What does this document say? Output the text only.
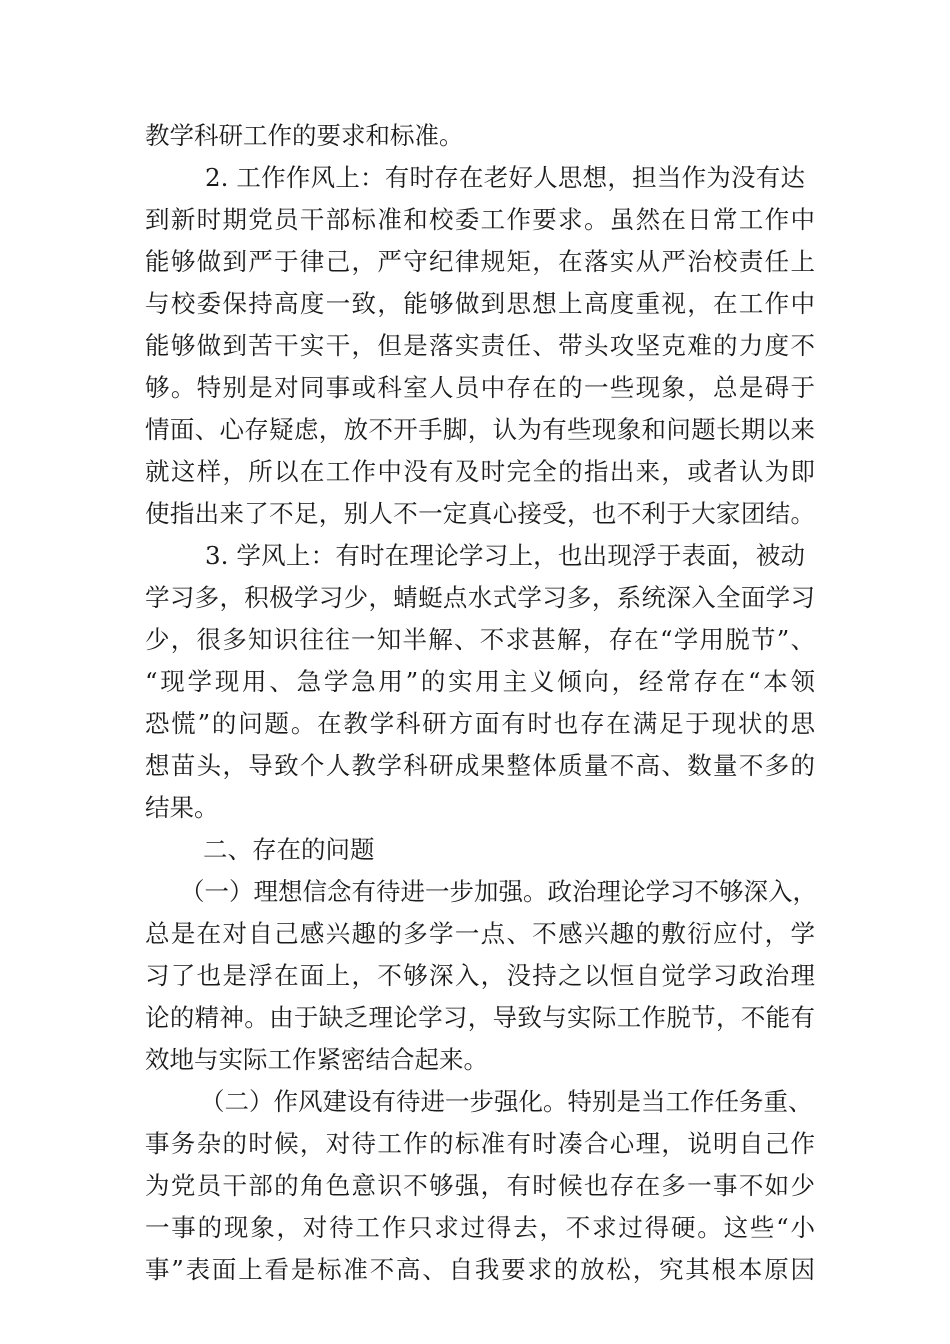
教学科研工作的要求和标准。
2. 工作作风上：有时存在老好人思想，担当作为没有达
到新时期党员干部标准和校委工作要求。虽然在日常工作中
能够做到严于律己，严守纪律规矩，在落实从严治校责任上
与校委保持高度一致，能够做到思想上高度重视，在工作中
能够做到苦干实干，但是落实责任、带头攻坚克难的力度不
够。特别是对同事或科室人员中存在的一些现象，总是碍于
情面、心存疑虑，放不开手脚，认为有些现象和问题长期以来
就这样，所以在工作中没有及时完全的指出来，或者认为即
使指出来了不足，别人不一定真心接受，也不利于大家团结。
3. 学风上：有时在理论学习上，也出现浮于表面，被动
学习多，积极学习少，蜻蜓点水式学习多，系统深入全面学习
少，很多知识往往一知半解、不求甚解，存在“学用脱节”、
“现学现用、急学急用”的实用主义倾向，经常存在“本领
恐慌”的问题。在教学科研方面有时也存在满足于现状的思
想苗头，导致个人教学科研成果整体质量不高、数量不多的
结果。
二、存在的问题
（一）理想信念有待进一步加强。政治理论学习不够深入，
总是在对自己感兴趣的多学一点、不感兴趣的敷衍应付，学
习了也是浮在面上，不够深入，没持之以恒自觉学习政治理
论的精神。由于缺乏理论学习，导致与实际工作脱节，不能有
效地与实际工作紧密结合起来。
（二）作风建设有待进一步强化。特别是当工作任务重、
事务杂的时候，对待工作的标准有时凑合心理，说明自己作
为党员干部的角色意识不够强，有时候也存在多一事不如少
一事的现象，对待工作只求过得去，不求过得硬。这些“小
事”表面上看是标准不高、自我要求的放松，究其根本原因
